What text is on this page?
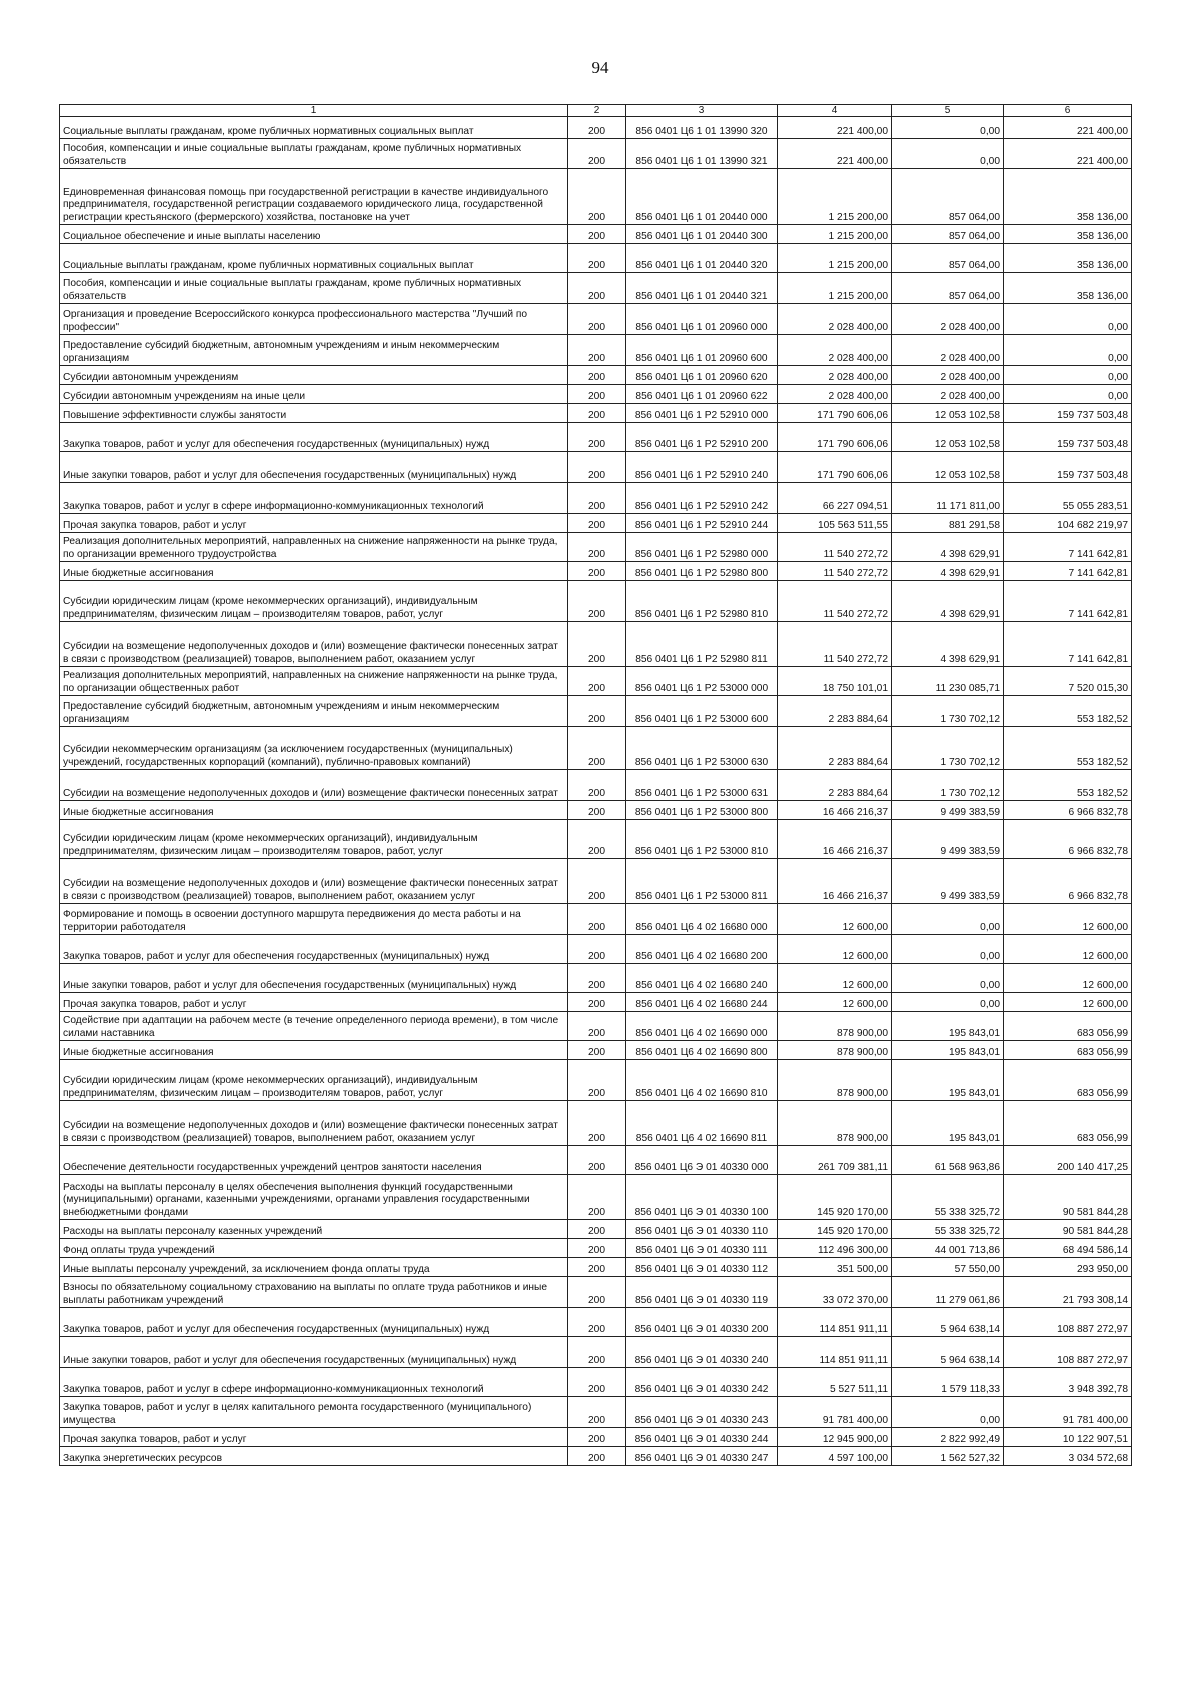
94
1	2	3	4	5	6
Социальные выплаты гражданам, кроме публичных нормативных социальных выплат	200	856 0401 Ц6 1 01 13990 320	221 400,00	0,00	221 400,00
Пособия, компенсации и иные социальные выплаты гражданам, кроме публичных нормативных обязательств	200	856 0401 Ц6 1 01 13990 321	221 400,00	0,00	221 400,00
Единовременная финансовая помощь при государственной регистрации в качестве индивидуального предпринимателя, государственной регистрации создаваемого юридического лица, государственной регистрации крестьянского (фермерского) хозяйства, постановке на учет	200	856 0401 Ц6 1 01 20440 000	1 215 200,00	857 064,00	358 136,00
Социальное обеспечение и иные выплаты населению	200	856 0401 Ц6 1 01 20440 300	1 215 200,00	857 064,00	358 136,00
Социальные выплаты гражданам, кроме публичных нормативных социальных выплат	200	856 0401 Ц6 1 01 20440 320	1 215 200,00	857 064,00	358 136,00
Пособия, компенсации и иные социальные выплаты гражданам, кроме публичных нормативных обязательств	200	856 0401 Ц6 1 01 20440 321	1 215 200,00	857 064,00	358 136,00
Организация и проведение Всероссийского конкурса профессионального мастерства "Лучший по профессии"	200	856 0401 Ц6 1 01 20960 000	2 028 400,00	2 028 400,00	0,00
Предоставление субсидий бюджетным, автономным учреждениям и иным некоммерческим организациям	200	856 0401 Ц6 1 01 20960 600	2 028 400,00	2 028 400,00	0,00
Субсидии автономным учреждениям	200	856 0401 Ц6 1 01 20960 620	2 028 400,00	2 028 400,00	0,00
Субсидии автономным учреждениям на иные цели	200	856 0401 Ц6 1 01 20960 622	2 028 400,00	2 028 400,00	0,00
Повышение эффективности службы занятости	200	856 0401 Ц6 1 P2 52910 000	171 790 606,06	12 053 102,58	159 737 503,48
Закупка товаров, работ и услуг для обеспечения государственных (муниципальных) нужд	200	856 0401 Ц6 1 P2 52910 200	171 790 606,06	12 053 102,58	159 737 503,48
Иные закупки товаров, работ и услуг для обеспечения государственных (муниципальных) нужд	200	856 0401 Ц6 1 P2 52910 240	171 790 606,06	12 053 102,58	159 737 503,48
Закупка товаров, работ и услуг в сфере информационно-коммуникационных технологий	200	856 0401 Ц6 1 P2 52910 242	66 227 094,51	11 171 811,00	55 055 283,51
Прочая закупка товаров, работ и услуг	200	856 0401 Ц6 1 P2 52910 244	105 563 511,55	881 291,58	104 682 219,97
Реализация дополнительных мероприятий, направленных на снижение напряженности на рынке труда, по организации временного трудоустройства	200	856 0401 Ц6 1 P2 52980 000	11 540 272,72	4 398 629,91	7 141 642,81
Иные бюджетные ассигнования	200	856 0401 Ц6 1 P2 52980 800	11 540 272,72	4 398 629,91	7 141 642,81
Субсидии юридическим лицам (кроме некоммерческих организаций), индивидуальным предпринимателям, физическим лицам – производителям товаров, работ, услуг	200	856 0401 Ц6 1 P2 52980 810	11 540 272,72	4 398 629,91	7 141 642,81
Субсидии на возмещение недополученных доходов и (или) возмещение фактически понесенных затрат в связи с производством (реализацией) товаров, выполнением работ, оказанием услуг	200	856 0401 Ц6 1 P2 52980 811	11 540 272,72	4 398 629,91	7 141 642,81
Реализация дополнительных мероприятий, направленных на снижение напряженности на рынке труда, по организации общественных работ	200	856 0401 Ц6 1 P2 53000 000	18 750 101,01	11 230 085,71	7 520 015,30
Предоставление субсидий бюджетным, автономным учреждениям и иным некоммерческим организациям	200	856 0401 Ц6 1 P2 53000 600	2 283 884,64	1 730 702,12	553 182,52
Субсидии некоммерческим организациям (за исключением государственных (муниципальных) учреждений, государственных корпораций (компаний), публично-правовых компаний)	200	856 0401 Ц6 1 P2 53000 630	2 283 884,64	1 730 702,12	553 182,52
Субсидии на возмещение недополученных доходов и (или) возмещение фактически понесенных затрат	200	856 0401 Ц6 1 P2 53000 631	2 283 884,64	1 730 702,12	553 182,52
Иные бюджетные ассигнования	200	856 0401 Ц6 1 P2 53000 800	16 466 216,37	9 499 383,59	6 966 832,78
Субсидии юридическим лицам (кроме некоммерческих организаций), индивидуальным предпринимателям, физическим лицам – производителям товаров, работ, услуг	200	856 0401 Ц6 1 P2 53000 810	16 466 216,37	9 499 383,59	6 966 832,78
Субсидии на возмещение недополученных доходов и (или) возмещение фактически понесенных затрат в связи с производством (реализацией) товаров, выполнением работ, оказанием услуг	200	856 0401 Ц6 1 P2 53000 811	16 466 216,37	9 499 383,59	6 966 832,78
Формирование и помощь в освоении доступного маршрута передвижения до места работы и на территории работодателя	200	856 0401 Ц6 4 02 16680 000	12 600,00	0,00	12 600,00
Закупка товаров, работ и услуг для обеспечения государственных (муниципальных) нужд	200	856 0401 Ц6 4 02 16680 200	12 600,00	0,00	12 600,00
Иные закупки товаров, работ и услуг для обеспечения государственных (муниципальных) нужд	200	856 0401 Ц6 4 02 16680 240	12 600,00	0,00	12 600,00
Прочая закупка товаров, работ и услуг	200	856 0401 Ц6 4 02 16680 244	12 600,00	0,00	12 600,00
Содействие при адаптации на рабочем месте (в течение определенного периода времени), в том числе силами наставника	200	856 0401 Ц6 4 02 16690 000	878 900,00	195 843,01	683 056,99
Иные бюджетные ассигнования	200	856 0401 Ц6 4 02 16690 800	878 900,00	195 843,01	683 056,99
Субсидии юридическим лицам (кроме некоммерческих организаций), индивидуальным предпринимателям, физическим лицам – производителям товаров, работ, услуг	200	856 0401 Ц6 4 02 16690 810	878 900,00	195 843,01	683 056,99
Субсидии на возмещение недополученных доходов и (или) возмещение фактически понесенных затрат в связи с производством (реализацией) товаров, выполнением работ, оказанием услуг	200	856 0401 Ц6 4 02 16690 811	878 900,00	195 843,01	683 056,99
Обеспечение деятельности государственных учреждений центров занятости населения	200	856 0401 Ц6 Э 01 40330 000	261 709 381,11	61 568 963,86	200 140 417,25
Расходы на выплаты персоналу в целях обеспечения выполнения функций государственными (муниципальными) органами, казенными учреждениями, органами управления государственными внебюджетными фондами	200	856 0401 Ц6 Э 01 40330 100	145 920 170,00	55 338 325,72	90 581 844,28
Расходы на выплаты персоналу казенных учреждений	200	856 0401 Ц6 Э 01 40330 110	145 920 170,00	55 338 325,72	90 581 844,28
Фонд оплаты труда учреждений	200	856 0401 Ц6 Э 01 40330 111	112 496 300,00	44 001 713,86	68 494 586,14
Иные выплаты персоналу учреждений, за исключением фонда оплаты труда	200	856 0401 Ц6 Э 01 40330 112	351 500,00	57 550,00	293 950,00
Взносы по обязательному социальному страхованию на выплаты по оплате труда работников и иные выплаты работникам учреждений	200	856 0401 Ц6 Э 01 40330 119	33 072 370,00	11 279 061,86	21 793 308,14
Закупка товаров, работ и услуг для обеспечения государственных (муниципальных) нужд	200	856 0401 Ц6 Э 01 40330 200	114 851 911,11	5 964 638,14	108 887 272,97
Иные закупки товаров, работ и услуг для обеспечения государственных (муниципальных) нужд	200	856 0401 Ц6 Э 01 40330 240	114 851 911,11	5 964 638,14	108 887 272,97
Закупка товаров, работ и услуг в сфере информационно-коммуникационных технологий	200	856 0401 Ц6 Э 01 40330 242	5 527 511,11	1 579 118,33	3 948 392,78
Закупка товаров, работ и услуг в целях капитального ремонта государственного (муниципального) имущества	200	856 0401 Ц6 Э 01 40330 243	91 781 400,00	0,00	91 781 400,00
Прочая закупка товаров, работ и услуг	200	856 0401 Ц6 Э 01 40330 244	12 945 900,00	2 822 992,49	10 122 907,51
Закупка энергетических ресурсов	200	856 0401 Ц6 Э 01 40330 247	4 597 100,00	1 562 527,32	3 034 572,68
